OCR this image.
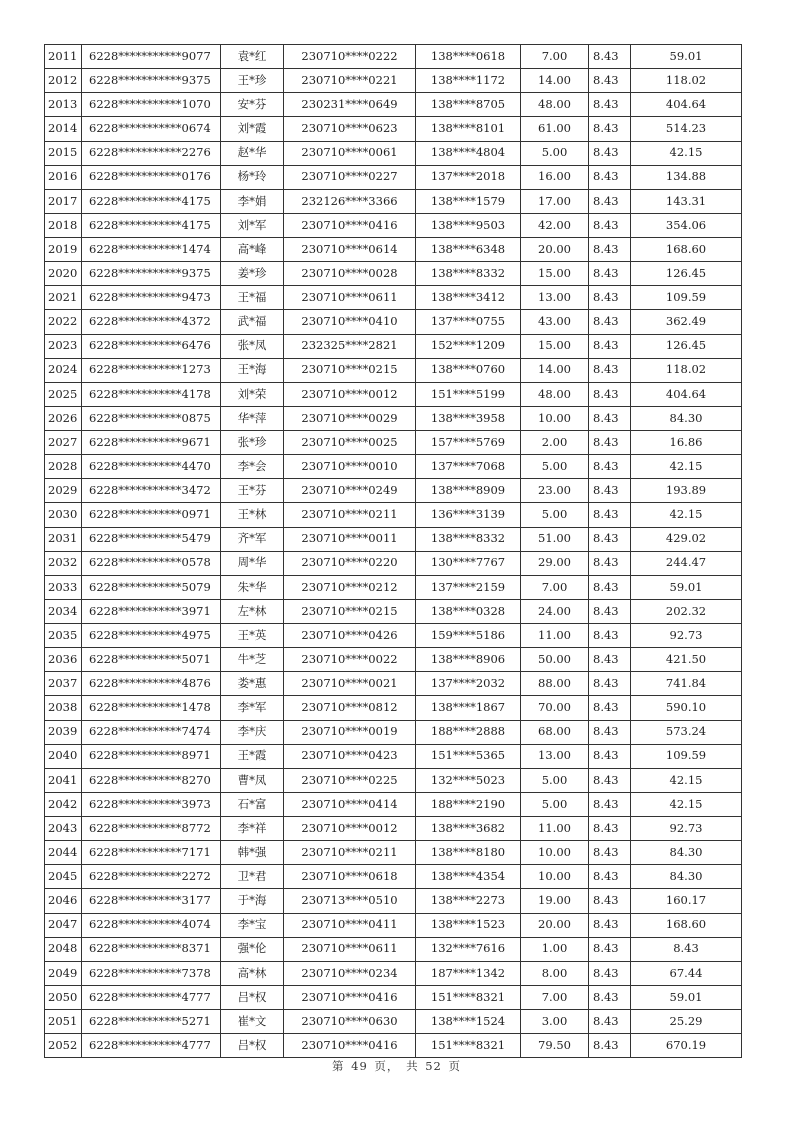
2011	6228***********9077	袁*红	230710****0222	138****0618	7.00	8.43	59.01
2012	6228***********9375	王*珍	230710****0221	138****1172	14.00	8.43	118.02
2013	6228***********1070	安*芬	230231****0649	138****8705	48.00	8.43	404.64
2014	6228***********0674	刘*霞	230710****0623	138****8101	61.00	8.43	514.23
2015	6228***********2276	赵*华	230710****0061	138****4804	5.00	8.43	42.15
2016	6228***********0176	杨*玲	230710****0227	137****2018	16.00	8.43	134.88
2017	6228***********4175	李*娟	232126****3366	138****1579	17.00	8.43	143.31
2018	6228***********4175	刘*军	230710****0416	138****9503	42.00	8.43	354.06
2019	6228***********1474	高*峰	230710****0614	138****6348	20.00	8.43	168.60
2020	6228***********9375	姜*珍	230710****0028	138****8332	15.00	8.43	126.45
2021	6228***********9473	王*福	230710****0611	138****3412	13.00	8.43	109.59
2022	6228***********4372	武*福	230710****0410	137****0755	43.00	8.43	362.49
2023	6228***********6476	张*凤	232325****2821	152****1209	15.00	8.43	126.45
2024	6228***********1273	王*海	230710****0215	138****0760	14.00	8.43	118.02
2025	6228***********4178	刘*荣	230710****0012	151****5199	48.00	8.43	404.64
2026	6228***********0875	华*萍	230710****0029	138****3958	10.00	8.43	84.30
2027	6228***********9671	张*珍	230710****0025	157****5769	2.00	8.43	16.86
2028	6228***********4470	李*会	230710****0010	137****7068	5.00	8.43	42.15
2029	6228***********3472	王*芬	230710****0249	138****8909	23.00	8.43	193.89
2030	6228***********0971	王*林	230710****0211	136****3139	5.00	8.43	42.15
2031	6228***********5479	齐*军	230710****0011	138****8332	51.00	8.43	429.02
2032	6228***********0578	周*华	230710****0220	130****7767	29.00	8.43	244.47
2033	6228***********5079	朱*华	230710****0212	137****2159	7.00	8.43	59.01
2034	6228***********3971	左*林	230710****0215	138****0328	24.00	8.43	202.32
2035	6228***********4975	王*英	230710****0426	159****5186	11.00	8.43	92.73
2036	6228***********5071	牛*芝	230710****0022	138****8906	50.00	8.43	421.50
2037	6228***********4876	娄*惠	230710****0021	137****2032	88.00	8.43	741.84
2038	6228***********1478	李*军	230710****0812	138****1867	70.00	8.43	590.10
2039	6228***********7474	李*庆	230710****0019	188****2888	68.00	8.43	573.24
2040	6228***********8971	王*霞	230710****0423	151****5365	13.00	8.43	109.59
2041	6228***********8270	曹*凤	230710****0225	132****5023	5.00	8.43	42.15
2042	6228***********3973	石*富	230710****0414	188****2190	5.00	8.43	42.15
2043	6228***********8772	李*祥	230710****0012	138****3682	11.00	8.43	92.73
2044	6228***********7171	韩*强	230710****0211	138****8180	10.00	8.43	84.30
2045	6228***********2272	卫*君	230710****0618	138****4354	10.00	8.43	84.30
2046	6228***********3177	于*海	230713****0510	138****2273	19.00	8.43	160.17
2047	6228***********4074	李*宝	230710****0411	138****1523	20.00	8.43	168.60
2048	6228***********8371	强*伦	230710****0611	132****7616	1.00	8.43	8.43
2049	6228***********7378	高*林	230710****0234	187****1342	8.00	8.43	67.44
2050	6228***********4777	吕*权	230710****0416	151****8321	7.00	8.43	59.01
2051	6228***********5271	崔*文	230710****0630	138****1524	3.00	8.43	25.29
2052	6228***********4777	吕*权	230710****0416	151****8321	79.50	8.43	670.19
第 49 页， 共 52 页
